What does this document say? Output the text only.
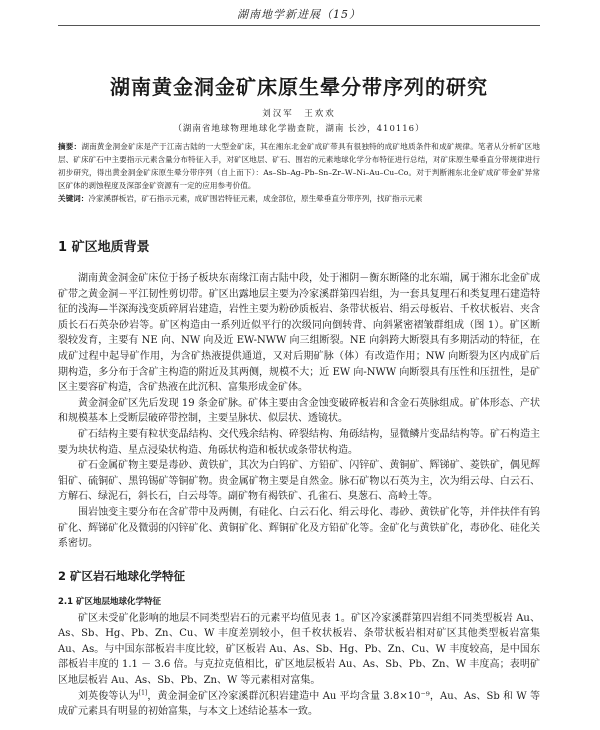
湖南地学新进展（15）
湖南黄金洞金矿床原生晕分带序列的研究
刘汉军　王欢欢
（湖南省地球物理地球化学勘查院，湖南 长沙，410116）
摘要：湖南黄金洞金矿床是产于江南古陆的一大型金矿床，其在湘东北金矿成矿带具有很独特的成矿地质条件和成矿规律。笔者从分析矿区地层、矿床矿石中主要指示元素含量分布特征入手，对矿区地层、矿石、围岩的元素地球化学分布特征进行总结，对矿床原生晕垂直分带规律进行初步研究，得出黄金洞金矿床原生晕分带序列（自上而下）：As–Sb–Ag–Pb–Sn–Zr–W–Ni–Au–Cu–Co。对于判断湘东北金矿成矿带金矿异常区矿体的剥蚀程度及深部金矿资源有一定的应用参考价值。
关键词：冷家溪群板岩，矿石指示元素，成矿围岩特征元素，成金部位，原生晕垂直分带序列，找矿指示元素
1 矿区地质背景

湖南黄金洞金矿床位于扬子板块东南缘江南古陆中段，处于湘阴－衡东断隆的北东端，属于湘东北金矿成矿带之黄金洞－平江韧性剪切带。矿区出露地层主要为冷家溪群第四岩组，为一套具复理石和类复理石建造特征的浅海—半深海浅变质碎屑岩建造，岩性主要为粉砂质板岩、条带状板岩、绢云母板岩、千枚状板岩、夹含质长石石英杂砂岩等。矿区构造由一系列近似平行的次级同向倒转背、向斜紧密褶皱群组成（图 1）。矿区断裂较发育，主要有 NE 向、NW 向及近 EW-NWW 向三组断裂。NE 向斜跨大断裂具有多期活动的特征，在成矿过程中起导矿作用，为含矿热液提供通道，又对后期矿脉（体）有改造作用；NW 向断裂为区内成矿后期构造，多分布于含矿主构造的附近及其两侧，规模不大；近 EW 向-NWW 向断裂具有压性和压扭性，是矿区主要容矿构造，含矿热液在此沉积、富集形成金矿体。

黄金洞金矿区先后发现 19 条金矿脉。矿体主要由含金蚀变破碎板岩和含金石英脉组成。矿体形态、产状和规模基本上受断层破碎带控制，主要呈脉状、似层状、透镜状。

矿石结构主要有粒状变晶结构、交代残余结构、碎裂结构、角砾结构，显微鳞片变晶结构等。矿石构造主要为块状构造、星点浸染状构造、角砾状构造和板状或条带状构造。

矿石金属矿物主要是毒砂、黄铁矿，其次为白钨矿、方铅矿、闪锌矿、黄铜矿、辉锑矿、菱铁矿，偶见辉钼矿、硫铜矿、黑钨锡矿等铜矿物。贵金属矿物主要是自然金。脉石矿物以石英为主，次为绢云母、白云石、方解石、绿泥石，斜长石，白云母等。副矿物有褐铁矿、孔雀石、臭葱石、高岭土等。

围岩蚀变主要分布在含矿带中及两侧，有硅化、白云石化、绢云母化、毒砂、黄铁矿化等，并伴扶伴有钨矿化、辉锑矿化及微弱的闪锌矿化、黄铜矿化、辉铜矿化及方铅矿化等。金矿化与黄铁矿化，毒砂化、硅化关系密切。

2 矿区岩石地球化学特征
2.1 矿区地层地球化学特征

矿区未受矿化影响的地层不同类型岩石的元素平均值见表 1。矿区冷家溪群第四岩组不同类型板岩 Au、As、Sb、Hg、Pb、Zn、Cu、W 丰度差别较小，但千枚状板岩、条带状板岩相对矿区其他类型板岩富集 Au、As。与中国东部板岩丰度比较，矿区板岩 Au、As、Sb、Hg、Pb、Zn、Cu、W 丰度较高，是中国东部板岩丰度的 1.1 － 3.6 倍。与克拉克值相比，矿区地层板岩 Au、As、Sb、Pb、Zn、W 丰度高；表明矿区地层板岩 Au、As、Sb、Pb、Zn、W 等元素相对富集。

刘英俊等认为[1]，黄金洞金矿区冷家溪群沉积岩建造中 Au 平均含量 3.8×10⁻⁹，Au、As、Sb 和 W 等成矿元素具有明显的初始富集，与本文上述结论基本一致。
